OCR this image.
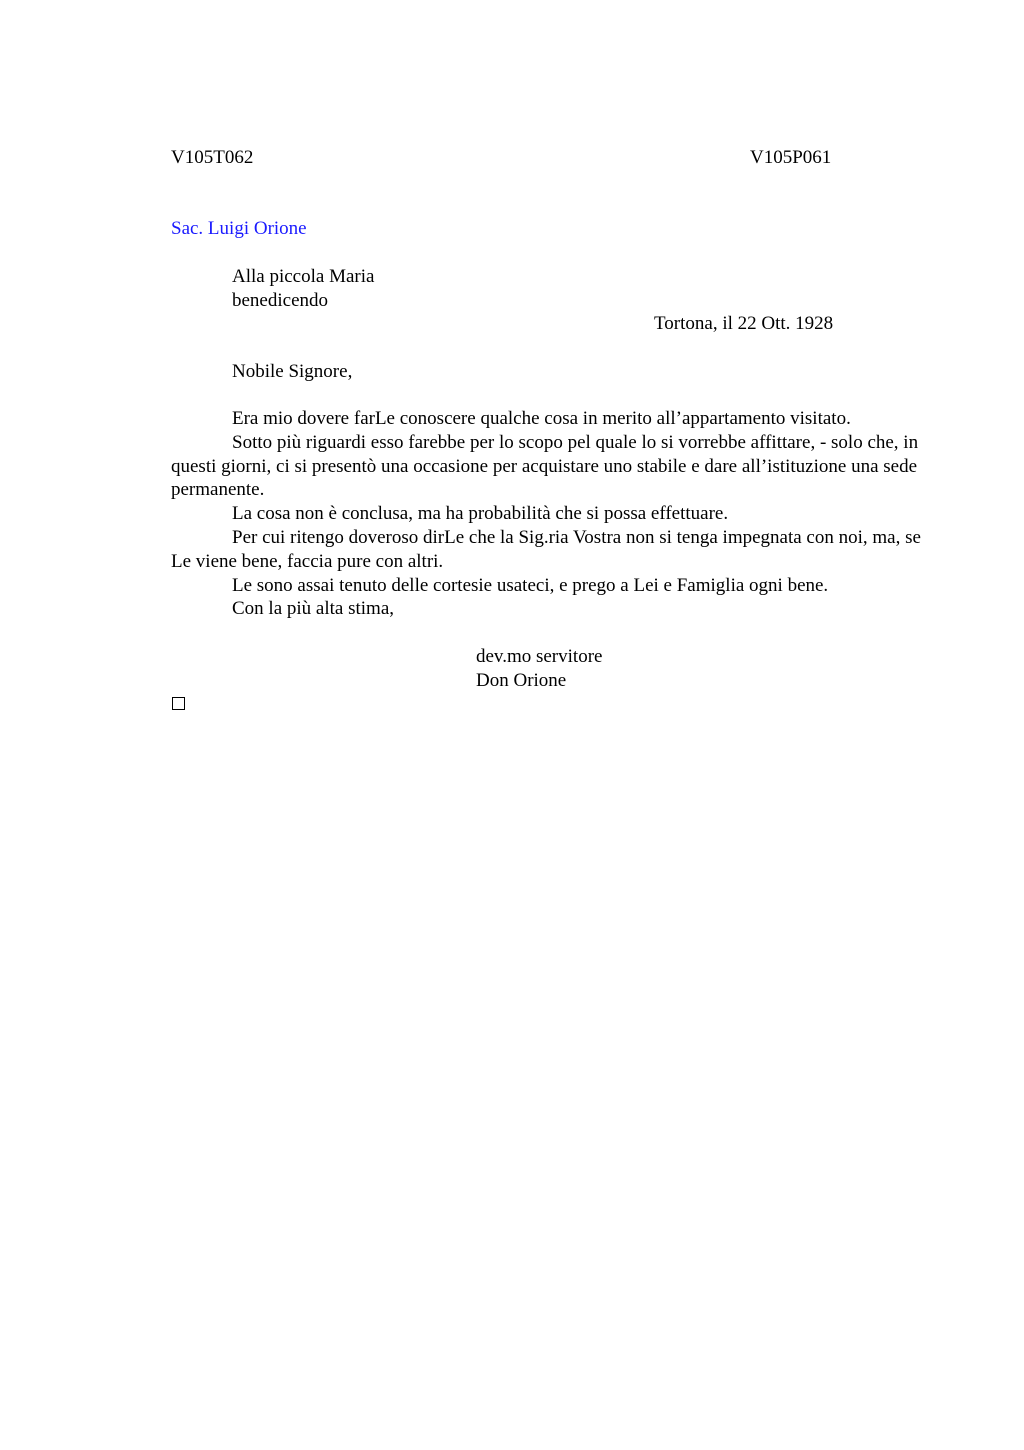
V105T062	V105P061
Sac. Luigi Orione
Alla piccola Maria
benedicendo
Tortona, il 22 Ott. 1928
Nobile Signore,

Era mio dovere farLe conoscere qualche cosa in merito all’appartamento visitato.

Sotto più riguardi esso farebbe per lo scopo pel quale lo si vorrebbe affittare, - solo che, in questi giorni, ci si presentò una occasione per acquistare uno stabile e dare all’istituzione una sede permanente.

La cosa non è conclusa, ma ha probabilità che si possa effettuare.

Per cui ritengo doveroso dirLe che la Sig.ria Vostra non si tenga impegnata con noi, ma, se Le viene bene, faccia pure con altri.

Le sono assai tenuto delle cortesie usateci, e prego a Lei e Famiglia ogni bene.

Con la più alta stima,

dev.mo servitore
Don Orione
